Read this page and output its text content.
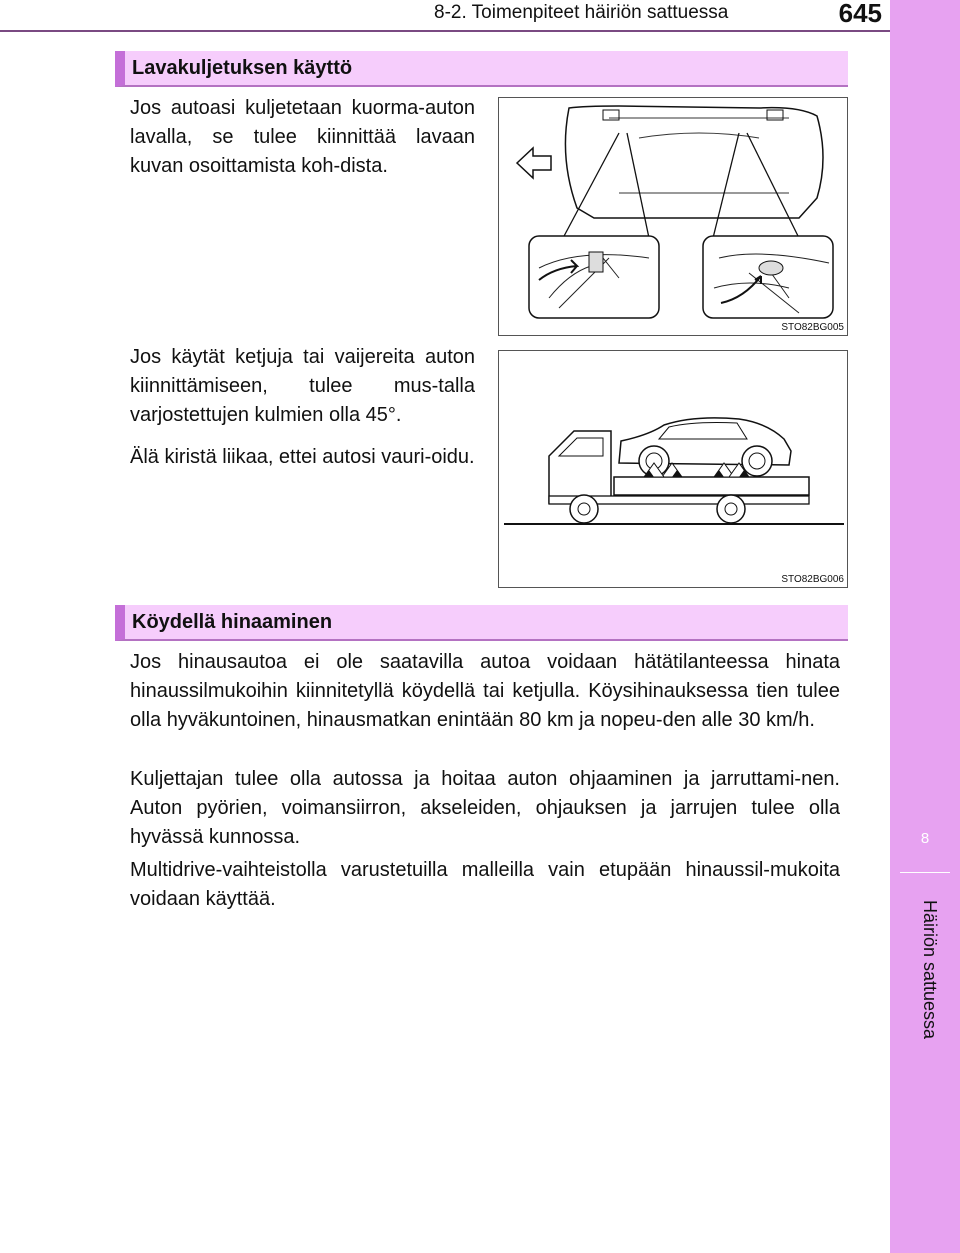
8-2. Toimenpiteet häiriön sattuessa	645
8
Häiriön sattuessa
Lavakuljetuksen käyttö

Jos autoasi kuljetetaan kuorma-auton lavalla, se tulee kiinnittää lavaan kuvan osoittamista koh-dista.

STO82BG005

Jos käytät ketjuja tai vaijereita auton kiinnittämiseen, tulee mus-talla varjostettujen kulmien olla 45°.

Älä kiristä liikaa, ettei autosi vauri-oidu.

STO82BG006
Köydellä hinaaminen

Jos hinausautoa ei ole saatavilla autoa voidaan hätätilanteessa hinata hinaussilmukoihin kiinnitetyllä köydellä tai ketjulla. Köysihinauksessa tien tulee olla hyväkuntoinen, hinausmatkan enintään 80 km ja nopeu-den alle 30 km/h.

Kuljettajan tulee olla autossa ja hoitaa auton ohjaaminen ja jarruttami-nen. Auton pyörien, voimansiirron, akseleiden, ohjauksen ja jarrujen tulee olla hyvässä kunnossa.

Multidrive-vaihteistolla varustetuilla malleilla vain etupään hinaussil-mukoita voidaan käyttää.
